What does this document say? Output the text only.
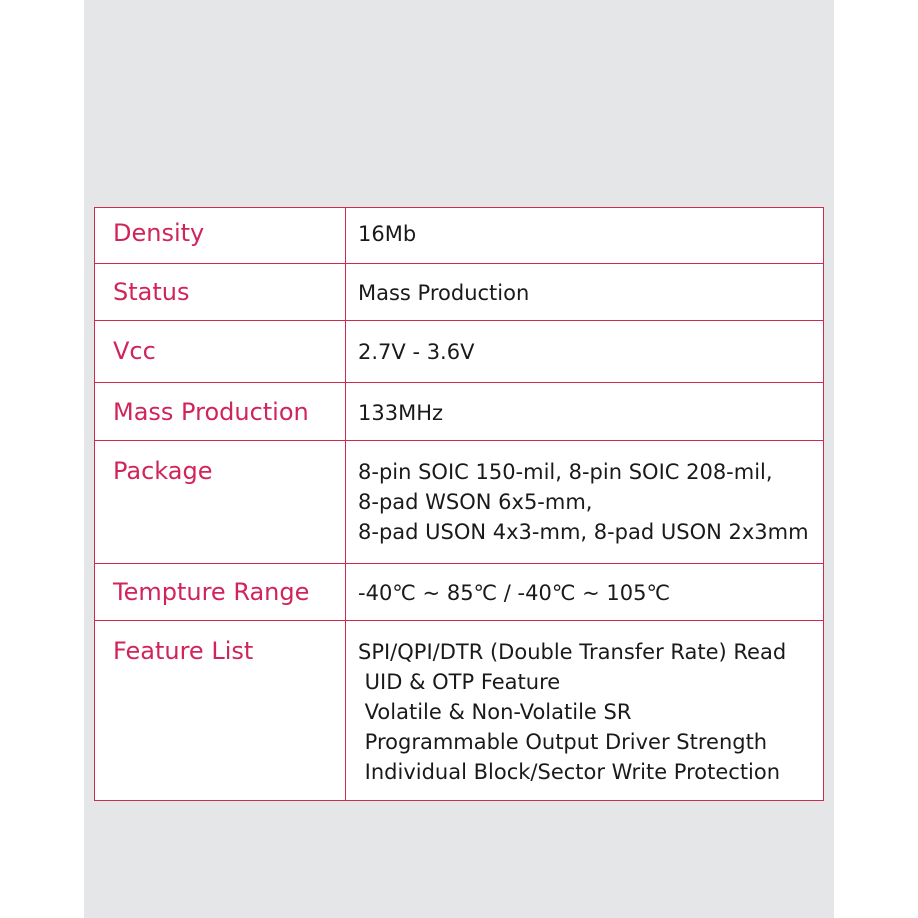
Density	16Mb

Status	Mass Production

Vcc	2.7V - 3.6V

Mass Production	133MHz

Package	8-pin SOIC 150-mil, 8-pin SOIC 208-mil,
8-pad WSON 6x5-mm,
8-pad USON 4x3-mm, 8-pad USON 2x3mm

Tempture Range	-40℃ ~ 85℃ / -40℃ ~ 105℃

Feature List	SPI/QPI/DTR (Double Transfer Rate) Read
UID & OTP Feature
Volatile & Non-Volatile SR
Programmable Output Driver Strength
Individual Block/Sector Write Protection
